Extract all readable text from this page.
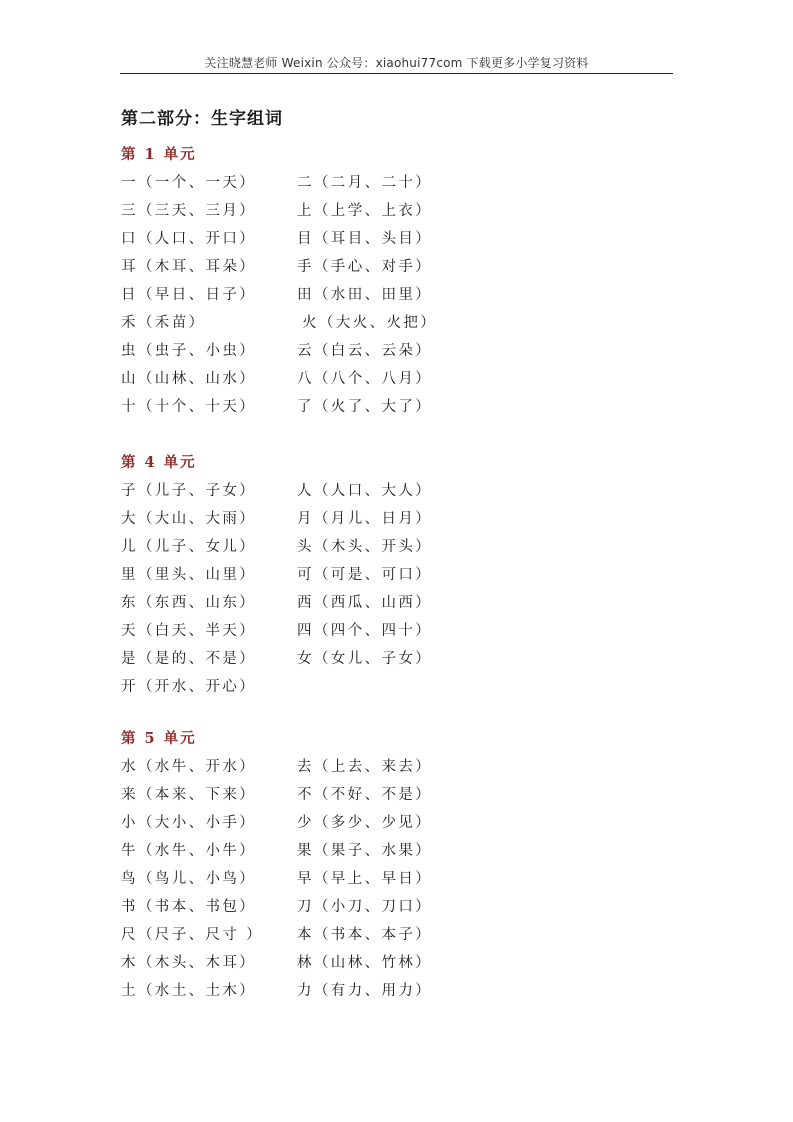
关注晓慧老师 Weixin 公众号：xiaohui77com 下载更多小学复习资料
第二部分：生字组词
第 1 单元
一（一个、一天）	二（二月、二十）
三（三天、三月）	上（上学、上衣）
口（人口、开口）	目（耳目、头目）
耳（木耳、耳朵）	手（手心、对手）
日（早日、日子）	田（水田、田里）
禾（禾苗）	火（大火、火把）
虫（虫子、小虫）	云（白云、云朵）
山（山林、山水）	八（八个、八月）
十（十个、十天）	了（火了、大了）
第 4 单元
子（儿子、子女）	人（人口、大人）
大（大山、大雨）	月（月儿、日月）
儿（儿子、女儿）	头（木头、开头）
里（里头、山里）	可（可是、可口）
东（东西、山东）	西（西瓜、山西）
天（白天、半天）	四（四个、四十）
是（是的、不是）	女（女儿、子女）
开（开水、开心）
第 5 单元
水（水牛、开水）	去（上去、来去）
来（本来、下来）	不（不好、不是）
小（大小、小手）	少（多少、少见）
牛（水牛、小牛）	果（果子、水果）
鸟（鸟儿、小鸟）	早（早上、早日）
书（书本、书包）	刀（小刀、刀口）
尺（尺子、尺寸 ） 本（书本、本子）
木（木头、木耳）	林（山林、竹林）
土（水土、土木）	力（有力、用力）
